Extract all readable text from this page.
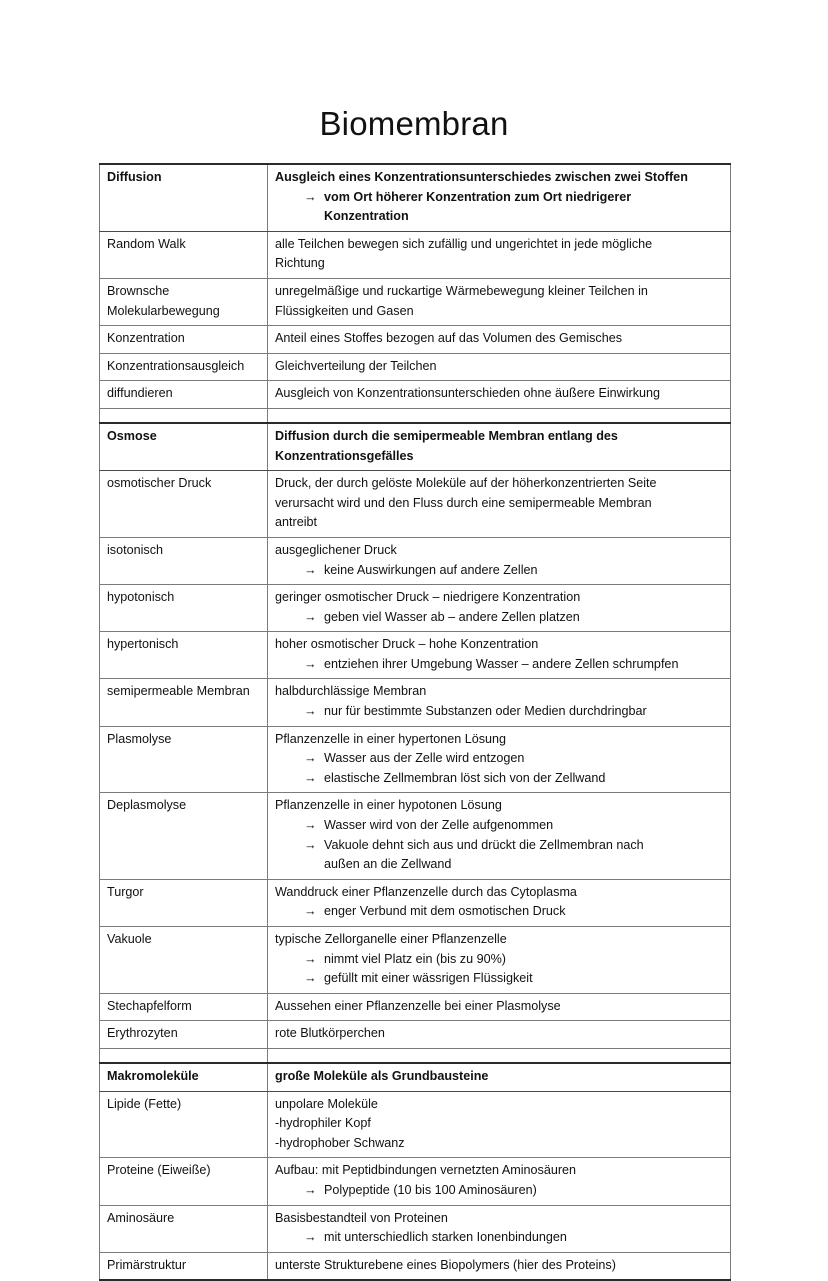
Biomembran
Diffusion	Ausgleich eines Konzentrationsunterschiedes zwischen zwei Stoffen
→ vom Ort höherer Konzentration zum Ort niedrigerer
Konzentration

Random Walk	alle Teilchen bewegen sich zufällig und ungerichtet in jede mögliche
Richtung

Brownsche Molekularbewegung	unregelmäßige und ruckartige Wärmebewegung kleiner Teilchen in
Flüssigkeiten und Gasen

Konzentration	Anteil eines Stoffes bezogen auf das Volumen des Gemisches

Konzentrationsausgleich	Gleichverteilung der Teilchen

diffundieren	Ausgleich von Konzentrationsunterschieden ohne äußere Einwirkung

Osmose	Diffusion durch die semipermeable Membran entlang des
Konzentrationsgefälles

osmotischer Druck	Druck, der durch gelöste Moleküle auf der höherkonzentrierten Seite
verursacht wird und den Fluss durch eine semipermeable Membran
antreibt

isotonisch	ausgeglichener Druck
→ keine Auswirkungen auf andere Zellen

hypotonisch	geringer osmotischer Druck – niedrigere Konzentration
→ geben viel Wasser ab – andere Zellen platzen

hypertonisch	hoher osmotischer Druck – hohe Konzentration
→ entziehen ihrer Umgebung Wasser – andere Zellen schrumpfen

semipermeable Membran	halbdurchlässige Membran
→ nur für bestimmte Substanzen oder Medien durchdringbar

Plasmolyse	Pflanzenzelle in einer hypertonen Lösung
→ Wasser aus der Zelle wird entzogen
→ elastische Zellmembran löst sich von der Zellwand

Deplasmolyse	Pflanzenzelle in einer hypotonen Lösung
→ Wasser wird von der Zelle aufgenommen
→ Vakuole dehnt sich aus und drückt die Zellmembran nach
außen an die Zellwand

Turgor	Wanddruck einer Pflanzenzelle durch das Cytoplasma
→ enger Verbund mit dem osmotischen Druck

Vakuole	typische Zellorganelle einer Pflanzenzelle
→ nimmt viel Platz ein (bis zu 90%)
→ gefüllt mit einer wässrigen Flüssigkeit

Stechapfelform	Aussehen einer Pflanzenzelle bei einer Plasmolyse

Erythrozyten	rote Blutkörperchen

Makromoleküle	große Moleküle als Grundbausteine

Lipide (Fette)	unpolare Moleküle
-hydrophiler Kopf
-hydrophober Schwanz

Proteine (Eiweiße)	Aufbau: mit Peptidbindungen vernetzten Aminosäuren
→ Polypeptide (10 bis 100 Aminosäuren)

Aminosäure	Basisbestandteil von Proteinen
→ mit unterschiedlich starken Ionenbindungen

Primärstruktur	unterste Strukturebene eines Biopolymers (hier des Proteins)
